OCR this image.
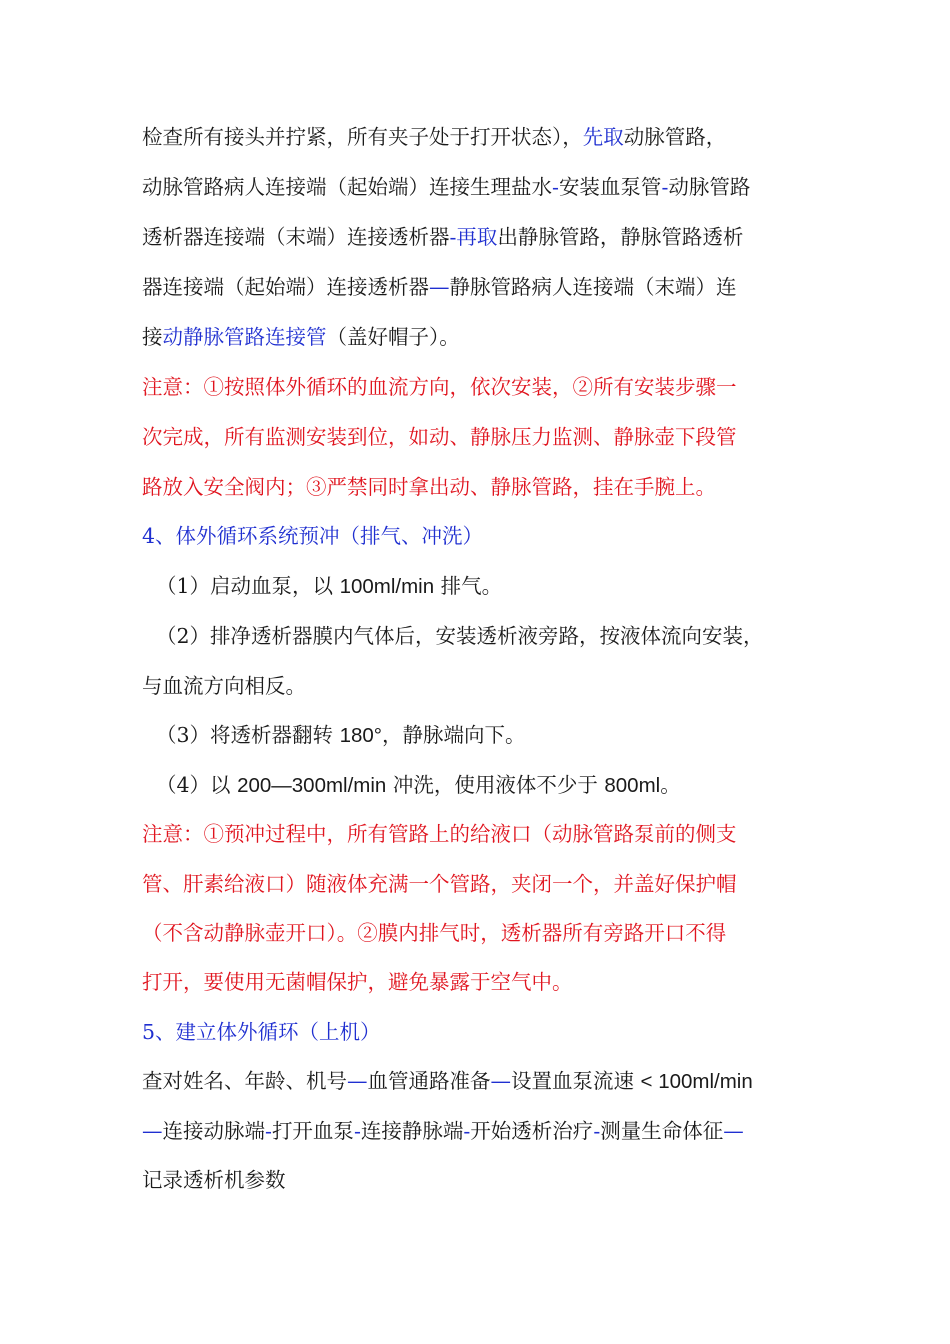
检查所有接头并拧紧，所有夹子处于打开状态），先取动脉管路，
动脉管路病人连接端（起始端）连接生理盐水-安装血泵管-动脉管路
透析器连接端（末端）连接透析器-再取出静脉管路，静脉管路透析
器连接端（起始端）连接透析器—静脉管路病人连接端（末端）连
接动静脉管路连接管（盖好帽子）。
注意：①按照体外循环的血流方向，依次安装，②所有安装步骤一
次完成，所有监测安装到位，如动、静脉压力监测、静脉壶下段管
路放入安全阀内；③严禁同时拿出动、静脉管路，挂在手腕上。
4、体外循环系统预冲（排气、冲洗）
（1）启动血泵，以 100ml/min 排气。
（2）排净透析器膜内气体后，安装透析液旁路，按液体流向安装，
与血流方向相反。
（3）将透析器翻转 180°，静脉端向下。
（4）以 200—300ml/min 冲洗，使用液体不少于 800ml。
注意：①预冲过程中，所有管路上的给液口（动脉管路泵前的侧支
管、肝素给液口）随液体充满一个管路，夹闭一个，并盖好保护帽
（不含动静脉壶开口）。②膜内排气时，透析器所有旁路开口不得
打开，要使用无菌帽保护，避免暴露于空气中。
5、建立体外循环（上机）
查对姓名、年龄、机号—血管通路准备—设置血泵流速 < 100ml/min
—连接动脉端-打开血泵-连接静脉端-开始透析治疗-测量生命体征—
记录透析机参数
